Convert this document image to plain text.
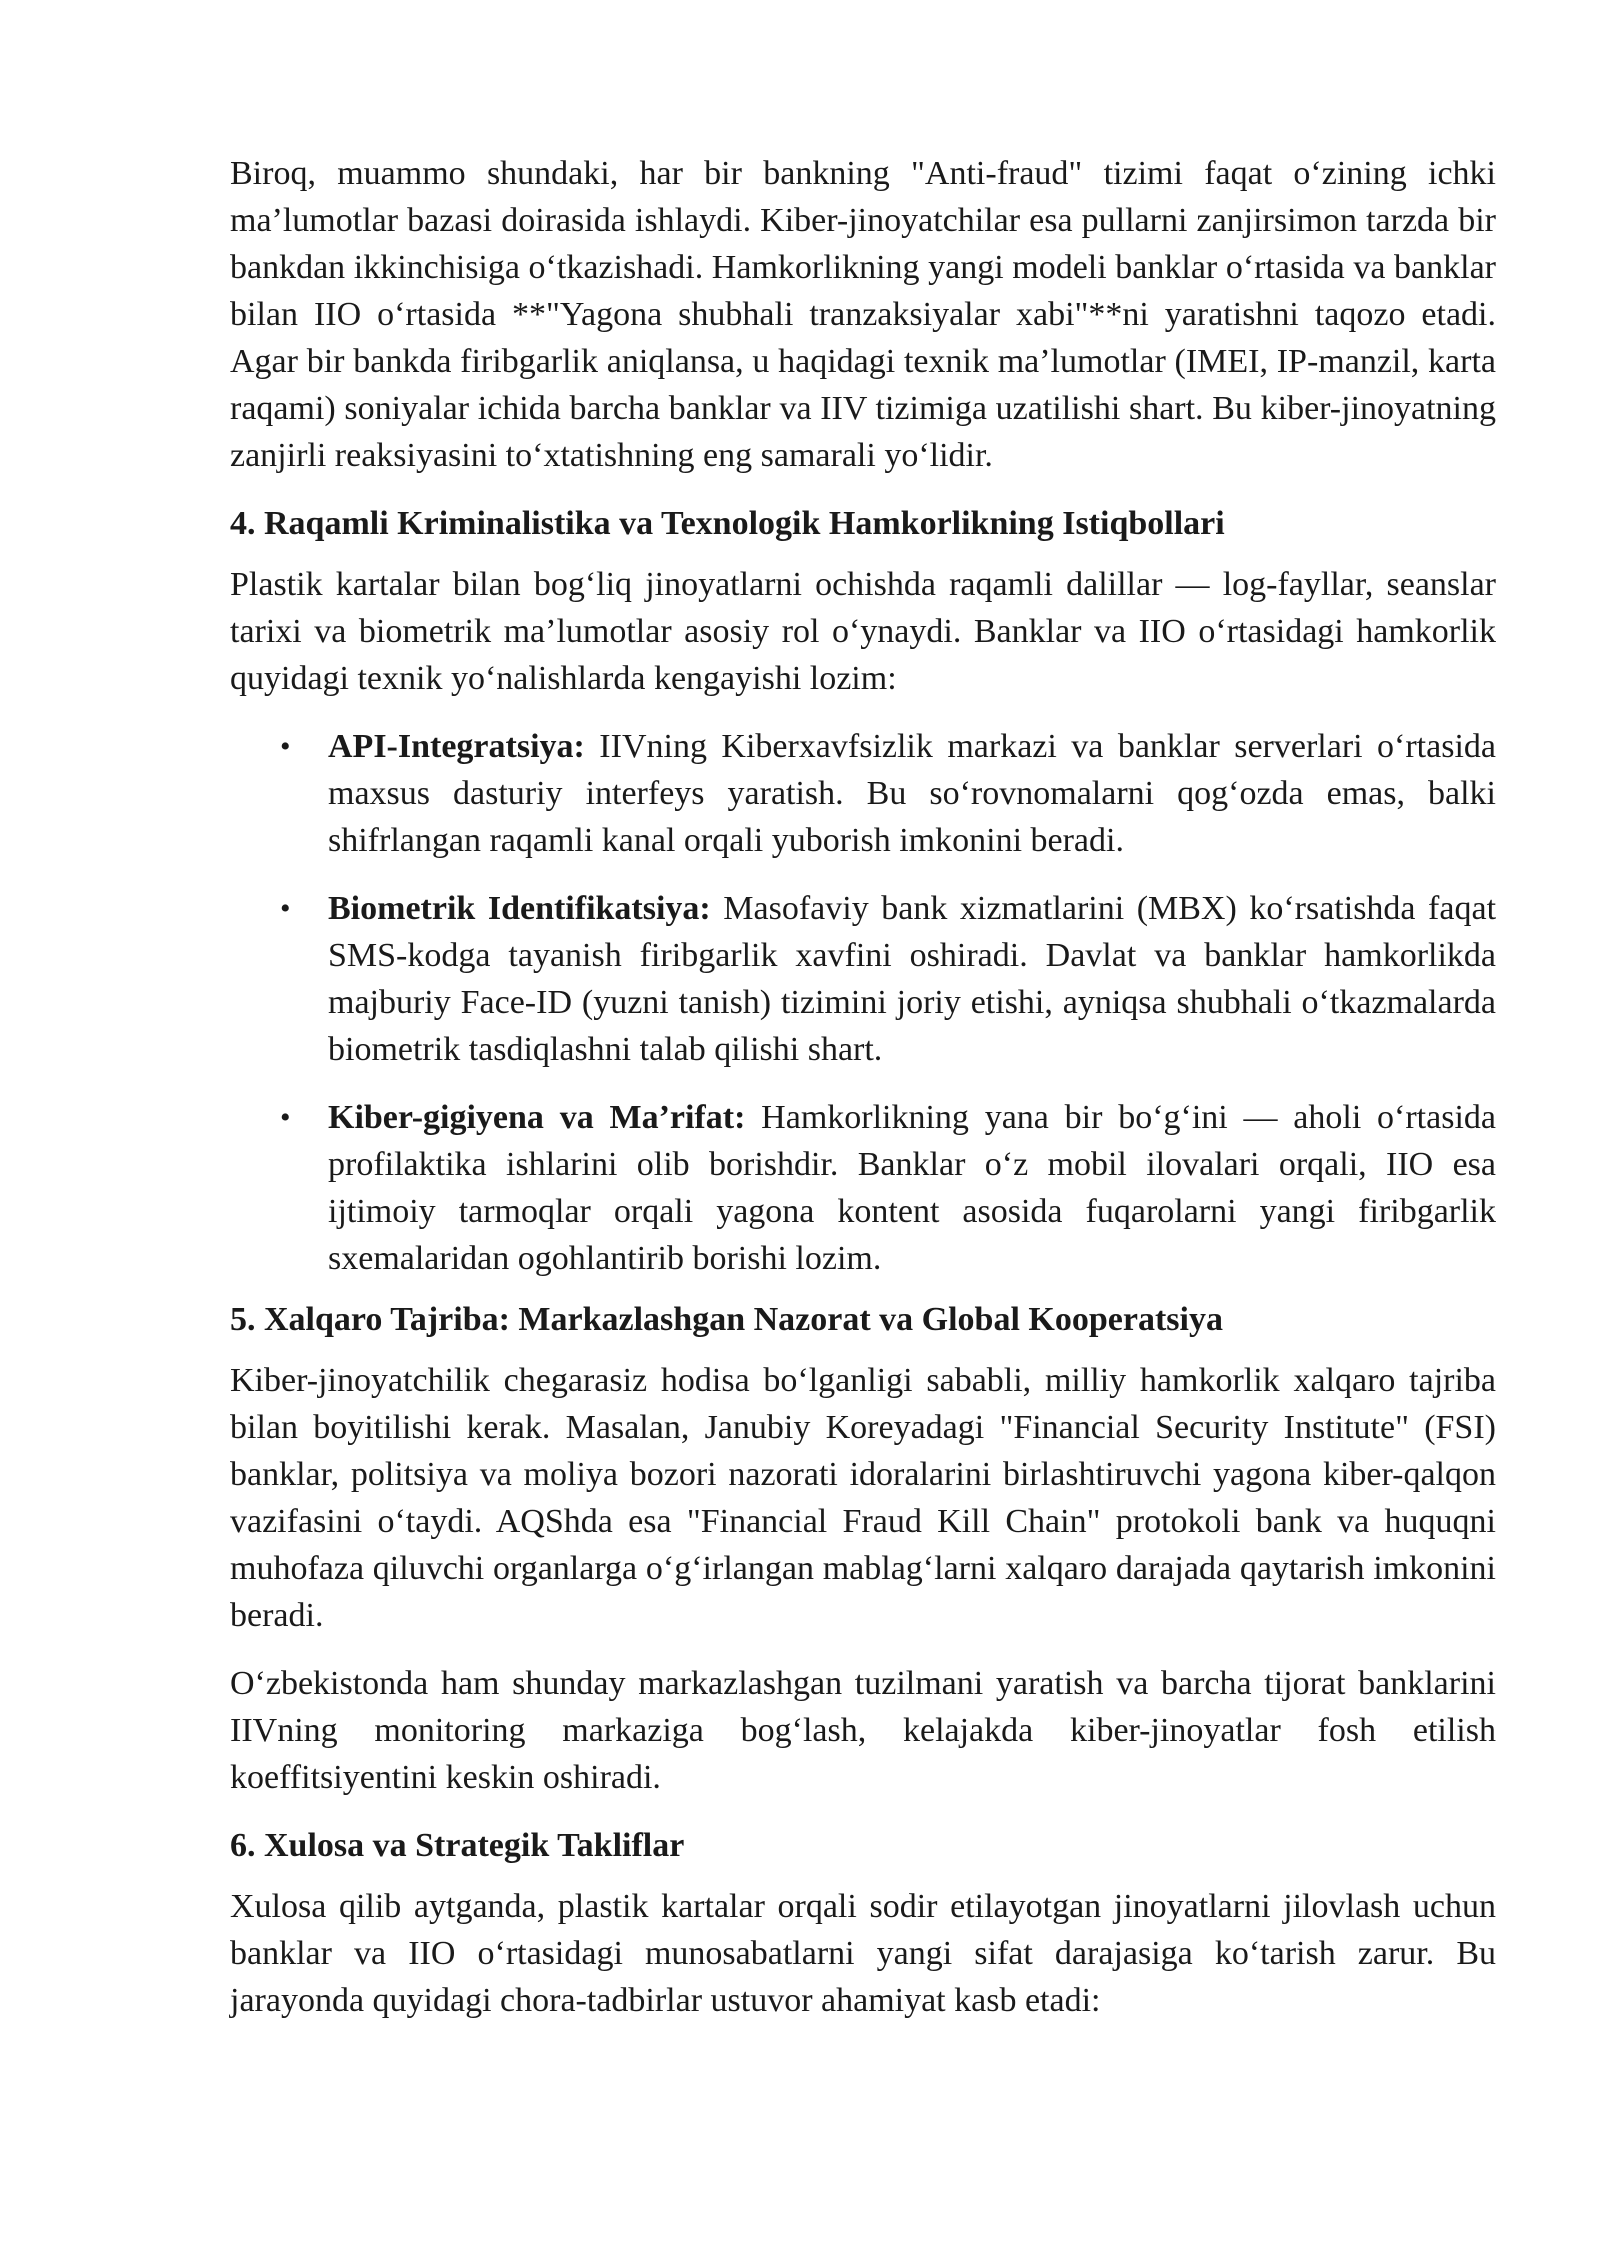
Biroq, muammo shundaki, har bir bankning "Anti-fraud" tizimi faqat o‘zining ichki ma’lumotlar bazasi doirasida ishlaydi. Kiber-jinoyatchilar esa pullarni zanjirsimon tarzda bir bankdan ikkinchisiga o‘tkazishadi. Hamkorlikning yangi modeli banklar o‘rtasida va banklar bilan IIO o‘rtasida **"Yagona shubhali tranzaksiyalar xabi"**ni yaratishni taqozo etadi. Agar bir bankda firibgarlik aniqlansa, u haqidagi texnik ma’lumotlar (IMEI, IP-manzil, karta raqami) soniyalar ichida barcha banklar va IIV tizimiga uzatilishi shart. Bu kiber-jinoyatning zanjirli reaksiyasini to‘xtatishning eng samarali yo‘lidir.

4. Raqamli Kriminalistika va Texnologik Hamkorlikning Istiqbollari

Plastik kartalar bilan bog‘liq jinoyatlarni ochishda raqamli dalillar — log-fayllar, seanslar tarixi va biometrik ma’lumotlar asosiy rol o‘ynaydi. Banklar va IIO o‘rtasidagi hamkorlik quyidagi texnik yo‘nalishlarda kengayishi lozim:

• API-Integratsiya: IIVning Kiberxavfsizlik markazi va banklar serverlari o‘rtasida maxsus dasturiy interfeys yaratish. Bu so‘rovnomalarni qog‘ozda emas, balki shifrlangan raqamli kanal orqali yuborish imkonini beradi.
• Biometrik Identifikatsiya: Masofaviy bank xizmatlarini (MBX) ko‘rsatishda faqat SMS-kodga tayanish firibgarlik xavfini oshiradi. Davlat va banklar hamkorlikda majburiy Face-ID (yuzni tanish) tizimini joriy etishi, ayniqsa shubhali o‘tkazmalarda biometrik tasdiqlashni talab qilishi shart.
• Kiber-gigiyena va Ma’rifat: Hamkorlikning yana bir bo‘g‘ini — aholi o‘rtasida profilaktika ishlarini olib borishdir. Banklar o‘z mobil ilovalari orqali, IIO esa ijtimoiy tarmoqlar orqali yagona kontent asosida fuqarolarni yangi firibgarlik sxemalaridan ogohlantirib borishi lozim.
5. Xalqaro Tajriba: Markazlashgan Nazorat va Global Kooperatsiya

Kiber-jinoyatchilik chegarasiz hodisa bo‘lganligi sababli, milliy hamkorlik xalqaro tajriba bilan boyitilishi kerak. Masalan, Janubiy Koreyadagi "Financial Security Institute" (FSI) banklar, politsiya va moliya bozori nazorati idoralarini birlashtiruvchi yagona kiber-qalqon vazifasini o‘taydi. AQShda esa "Financial Fraud Kill Chain" protokoli bank va huquqni muhofaza qiluvchi organlarga o‘g‘irlangan mablag‘larni xalqaro darajada qaytarish imkonini beradi.

O‘zbekistonda ham shunday markazlashgan tuzilmani yaratish va barcha tijorat banklarini IIVning monitoring markaziga bog‘lash, kelajakda kiber-jinoyatlar fosh etilish koeffitsiyentini keskin oshiradi.

6. Xulosa va Strategik Takliflar

Xulosa qilib aytganda, plastik kartalar orqali sodir etilayotgan jinoyatlarni jilovlash uchun banklar va IIO o‘rtasidagi munosabatlarni yangi sifat darajasiga ko‘tarish zarur. Bu jarayonda quyidagi chora-tadbirlar ustuvor ahamiyat kasb etadi:
